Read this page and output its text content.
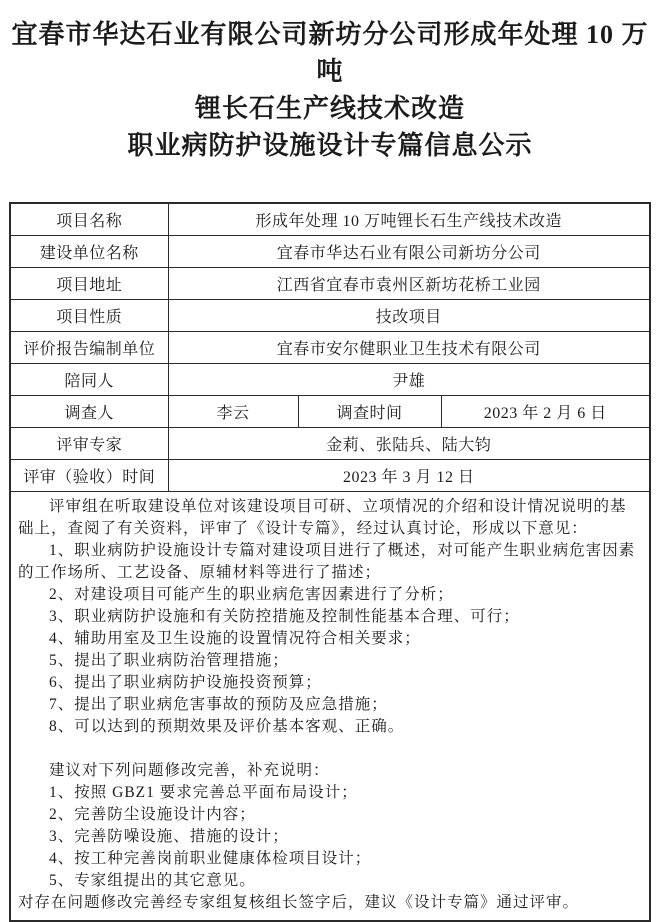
宜春市华达石业有限公司新坊分公司形成年处理 10 万吨
锂长石生产线技术改造
职业病防护设施设计专篇信息公示
项目名称	形成年处理 10 万吨锂长石生产线技术改造		
建设单位名称	宜春市华达石业有限公司新坊分公司		
项目地址	江西省宜春市袁州区新坊花桥工业园		
项目性质	技改项目		
评价报告编制单位	宜春市安尔健职业卫生技术有限公司		
陪同人	尹雄		
调查人	李云	调查时间	2023 年 2 月 6 日
评审专家	金莉、张陆兵、陆大钧		
评审（验收）时间	2023 年 3 月 12 日		

评审组在听取建设单位对该建设项目可研、立项情况的介绍和设计情况说明的基础上，查阅了有关资料，评审了《设计专篇》，经过认真讨论，形成以下意见：

1、职业病防护设施设计专篇对建设项目进行了概述，对可能产生职业病危害因素的工作场所、工艺设备、原辅材料等进行了描述；

2、对建设项目可能产生的职业病危害因素进行了分析；

3、职业病防护设施和有关防控措施及控制性能基本合理、可行；

4、辅助用室及卫生设施的设置情况符合相关要求；

5、提出了职业病防治管理措施；

6、提出了职业病防护设施投资预算；

7、提出了职业病危害事故的预防及应急措施；

8、可以达到的预期效果及评价基本客观、正确。

建议对下列问题修改完善，补充说明：

1、按照 GBZ1 要求完善总平面布局设计；

2、完善防尘设施设计内容；

3、完善防噪设施、措施的设计；

4、按工种完善岗前职业健康体检项目设计；

5、专家组提出的其它意见。

对存在问题修改完善经专家组复核组长签字后，建议《设计专篇》通过评审。
